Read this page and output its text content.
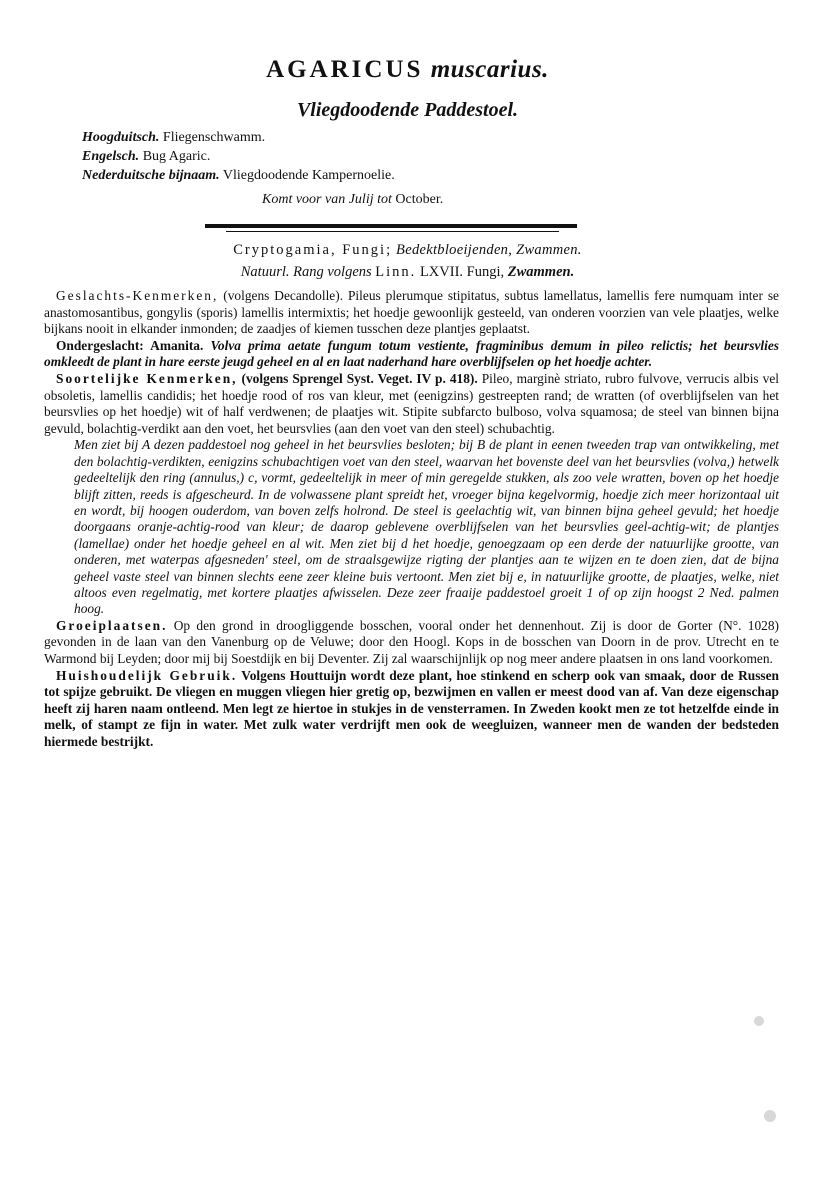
AGARICUS muscarius.
Vliegdoodende Paddestoel.
Hoogduitsch. Fliegenschwamm.
Engelsch. Bug Agaric.
Nederduitsche bijnaam. Vliegdoodende Kampernoelie.
Komt voor van Julij tot October.
Cryptogamia, Fungi; Bedektbloeijenden, Zwammen.
Natuurl. Rang volgens Linn. LXVII. Fungi, Zwammen.

Geslachts-Kenmerken, (volgens Decandolle). Pileus plerumque stipitatus, subtus lamellatus, lamellis fere numquam inter se anastomosantibus, gongylis (sporis) lamellis intermixtis; het hoedje gewoonlijk gesteeld, van onderen voorzien van vele plaatjes, welke bijkans nooit in elkander inmonden; de zaadjes of kiemen tusschen deze plantjes geplaatst.

Ondergeslacht: Amanita. Volva prima aetate fungum totum vestiente, fragminibus demum in pileo relictis; het beursvlies omkleedt de plant in hare eerste jeugd geheel en al en laat naderhand hare overblijfselen op het hoedje achter.

Soortelijke Kenmerken, (volgens Sprengel Syst. Veget. IV p. 418). Pileo, marginè striato, rubro fulvove, verrucis albis vel obsoletis, lamellis candidis; het hoedje rood of ros van kleur, met (eenigzins) gestreepten rand; de wratten (of overblijfselen van het beursvlies op het hoedje) wit of half verdwenen; de plaatjes wit. Stipite subfarcto bulboso, volva squamosa; de steel van binnen bijna gevuld, bolachtig-verdikt aan den voet, het beursvlies (aan den voet van den steel) schubachtig.

Men ziet bij A dezen paddestoel nog geheel in het beursvlies besloten; bij B de plant in eenen tweeden trap van ontwikkeling, met den bolachtig-verdikten, eenigzins schubachtigen voet van den steel, waarvan het bovenste deel van het beursvlies (volva,) hetwelk gedeeltelijk den ring (annulus,) c, vormt, gedeeltelijk in meer of min geregelde stukken, als zoo vele wratten, boven op het hoedje blijft zitten, reeds is afgescheurd. In de volwassene plant spreidt het, vroeger bijna kegelvormig, hoedje zich meer horizontaal uit en wordt, bij hoogen ouderdom, van boven zelfs holrond. De steel is geelachtig wit, van binnen bijna geheel gevuld; het hoedje doorgaans oranje-achtig-rood van kleur; de daarop geblevene overblijfselen van het beursvlies geel-achtig-wit; de plantjes (lamellae) onder het hoedje geheel en al wit. Men ziet bij d het hoedje, genoegzaam op een derde der natuurlijke grootte, van onderen, met waterpas afgesneden' steel, om de straalsgewijze rigting der plantjes aan te wijzen en te doen zien, dat de bijna geheel vaste steel van binnen slechts eene zeer kleine buis vertoont. Men ziet bij e, in natuurlijke grootte, de plaatjes, welke, niet altoos even regelmatig, met kortere plaatjes afwisselen. Deze zeer fraaije paddestoel groeit 1 of op zijn hoogst 2 Ned. palmen hoog.

Groeiplaatsen. Op den grond in droogliggende bosschen, vooral onder het dennenhout. Zij is door de Gorter (N°. 1028) gevonden in de laan van den Vanenburg op de Veluwe; door den Hoogl. Kops in de bosschen van Doorn in de prov. Utrecht en te Warmond bij Leyden; door mij bij Soestdijk en bij Deventer. Zij zal waarschijnlijk op nog meer andere plaatsen in ons land voorkomen.

Huishoudelijk Gebruik. Volgens Houttuijn wordt deze plant, hoe stinkend en scherp ook van smaak, door de Russen tot spijze gebruikt. De vliegen en muggen vliegen hier gretig op, bezwijmen en vallen er meest dood van af. Van deze eigenschap heeft zij haren naam ontleend. Men legt ze hiertoe in stukjes in de vensterramen. In Zweden kookt men ze tot hetzelfde einde in melk, of stampt ze fijn in water. Met zulk water verdrijft men ook de weegluizen, wanneer men de wanden der bedsteden hiermede bestrijkt.
